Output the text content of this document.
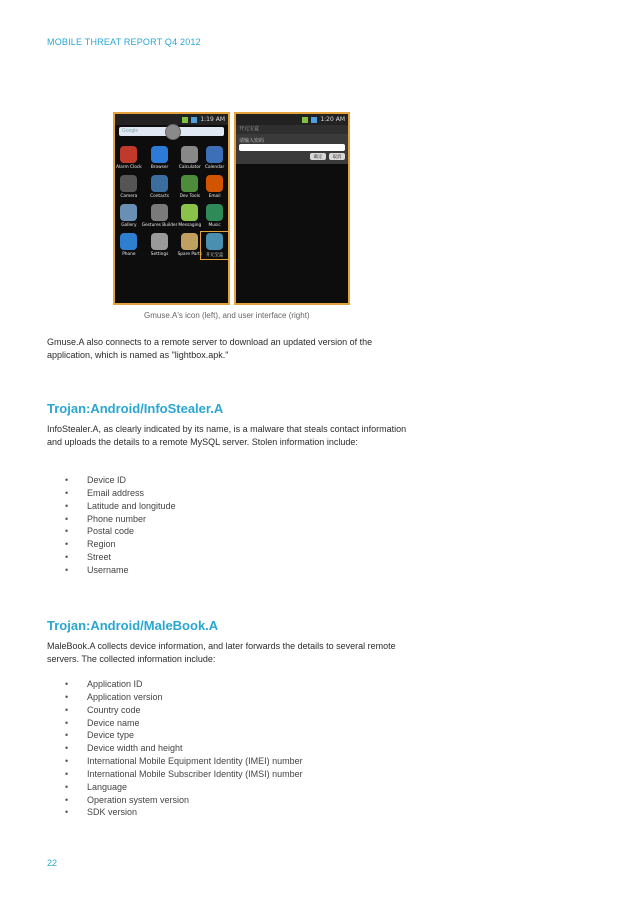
MOBILE THREAT REPORT Q4 2012
1:19 AM
Google
Alarm Clock Browser Calculator Calendar
Camera	Contacts Dev Tools Email
Gallery Gestures Builder Messaging Music
Phone	Settings Spare Parts 开元宝盒
1:20 AM
开元宝盒
请输入密码
确定	取消
Gmuse.A's icon (left), and user interface (right)
Gmuse.A also connects to a remote server to download an updated version of the application, which is named as "lightbox.apk."
Trojan:Android/InfoStealer.A
InfoStealer.A, as clearly indicated by its name, is a malware that steals contact information and uploads the details to a remote MySQL server. Stolen information include:
• Device ID
• Email address
• Latitude and longitude
• Phone number
• Postal code
• Region
• Street
• Username
Trojan:Android/MaleBook.A
MaleBook.A collects device information, and later forwards the details to several remote servers. The collected information include:
• Application ID
• Application version
• Country code
• Device name
• Device type
• Device width and height
• International Mobile Equipment Identity (IMEI) number
• International Mobile Subscriber Identity (IMSI) number
• Language
• Operation system version
• SDK version
22
